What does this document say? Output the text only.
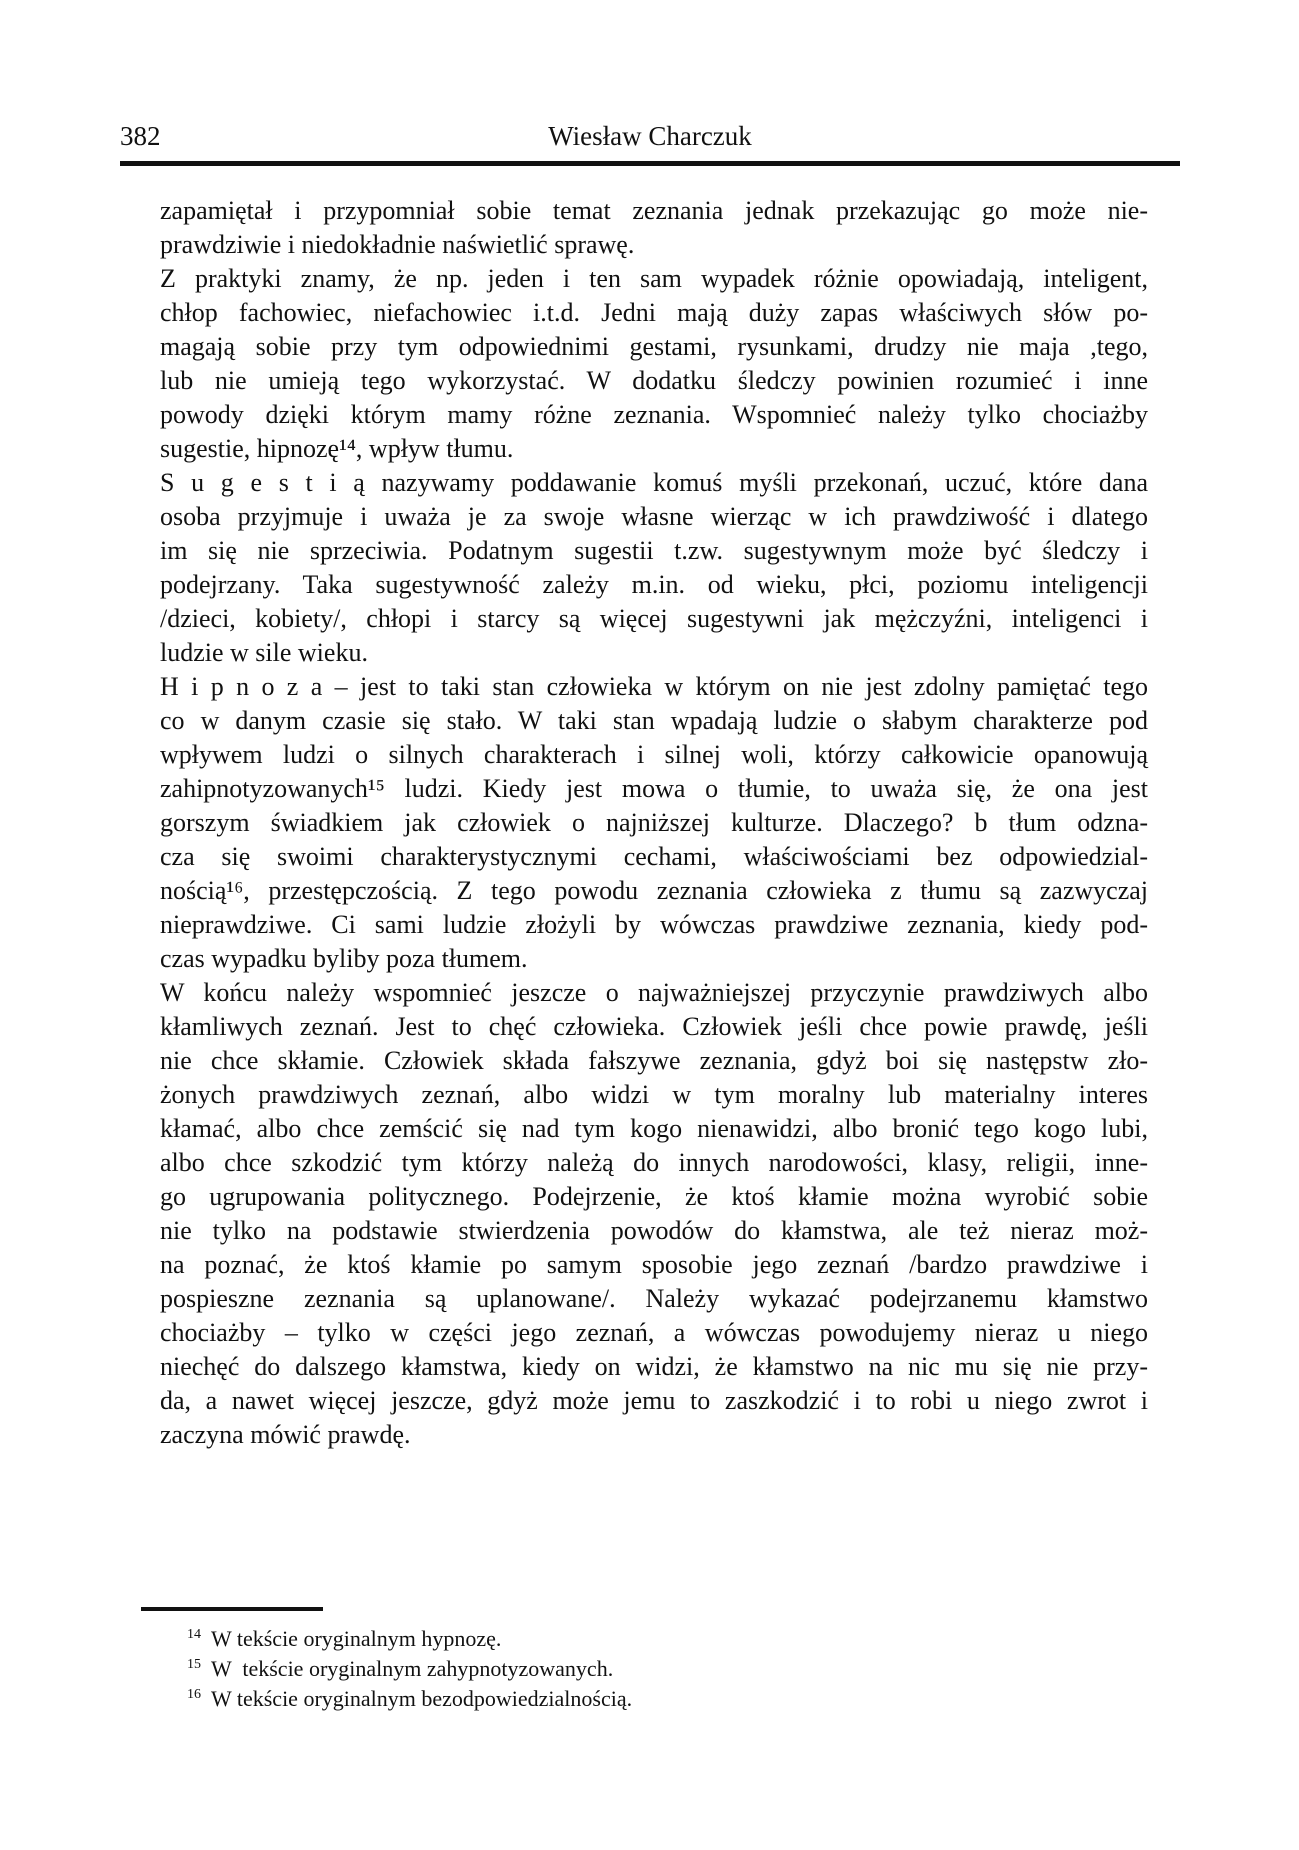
382	Wiesław Charczuk
zapamiętał i przypomniał sobie temat zeznania jednak przekazując go może nie-
prawdziwie i niedokładnie naświetlić sprawę.
Z praktyki znamy, że np. jeden i ten sam wypadek różnie opowiadają, inteligent,
chłop fachowiec, niefachowiec i.t.d. Jedni mają duży zapas właściwych słów po-
magają sobie przy tym odpowiednimi gestami, rysunkami, drudzy nie maja ,tego,
lub nie umieją tego wykorzystać. W dodatku śledczy powinien rozumieć i inne
powody dzięki którym mamy różne zeznania. Wspomnieć należy tylko chociażby
sugestie, hipnozę¹⁴, wpływ tłumu.
S u g e s t i ą nazywamy poddawanie komuś myśli przekonań, uczuć, które dana
osoba przyjmuje i uważa je za swoje własne wierząc w ich prawdziwość i dlatego
im się nie sprzeciwia. Podatnym sugestii t.zw. sugestywnym może być śledczy i
podejrzany. Taka sugestywność zależy m.in. od wieku, płci, poziomu inteligencji
/dzieci, kobiety/, chłopi i starcy są więcej sugestywni jak mężczyźni, inteligenci i
ludzie w sile wieku.
H i p n o z a – jest to taki stan człowieka w którym on nie jest zdolny pamiętać tego
co w danym czasie się stało. W taki stan wpadają ludzie o słabym charakterze pod
wpływem ludzi o silnych charakterach i silnej woli, którzy całkowicie opanowują
zahipnotyzowanych¹⁵ ludzi. Kiedy jest mowa o tłumie, to uważa się, że ona jest
gorszym świadkiem jak człowiek o najniższej kulturze. Dlaczego? b tłum odzna-
cza się swoimi charakterystycznymi cechami, właściwościami bez odpowiedzial-
nością¹⁶, przestępczością. Z tego powodu zeznania człowieka z tłumu są zazwyczaj
nieprawdziwe. Ci sami ludzie złożyli by wówczas prawdziwe zeznania, kiedy pod-
czas wypadku byliby poza tłumem.
W końcu należy wspomnieć jeszcze o najważniejszej przyczynie prawdziwych albo
kłamliwych zeznań. Jest to chęć człowieka. Człowiek jeśli chce powie prawdę, jeśli
nie chce skłamie. Człowiek składa fałszywe zeznania, gdyż boi się następstw zło-
żonych prawdziwych zeznań, albo widzi w tym moralny lub materialny interes
kłamać, albo chce zemścić się nad tym kogo nienawidzi, albo bronić tego kogo lubi,
albo chce szkodzić tym którzy należą do innych narodowości, klasy, religii, inne-
go ugrupowania politycznego. Podejrzenie, że ktoś kłamie można wyrobić sobie
nie tylko na podstawie stwierdzenia powodów do kłamstwa, ale też nieraz moż-
na poznać, że ktoś kłamie po samym sposobie jego zeznań /bardzo prawdziwe i
pospieszne zeznania są uplanowane/. Należy wykazać podejrzanemu kłamstwo
chociażby – tylko w części jego zeznań, a wówczas powodujemy nieraz u niego
niechęć do dalszego kłamstwa, kiedy on widzi, że kłamstwo na nic mu się nie przy-
da, a nawet więcej jeszcze, gdyż może jemu to zaszkodzić i to robi u niego zwrot i
zaczyna mówić prawdę.
$^{14}$ W tekście oryginalnym hypnozę.
$^{15}$ W  tekście oryginalnym zahypnotyzowanych.
$^{16}$ W tekście oryginalnym bezodpowiedzialnością.
